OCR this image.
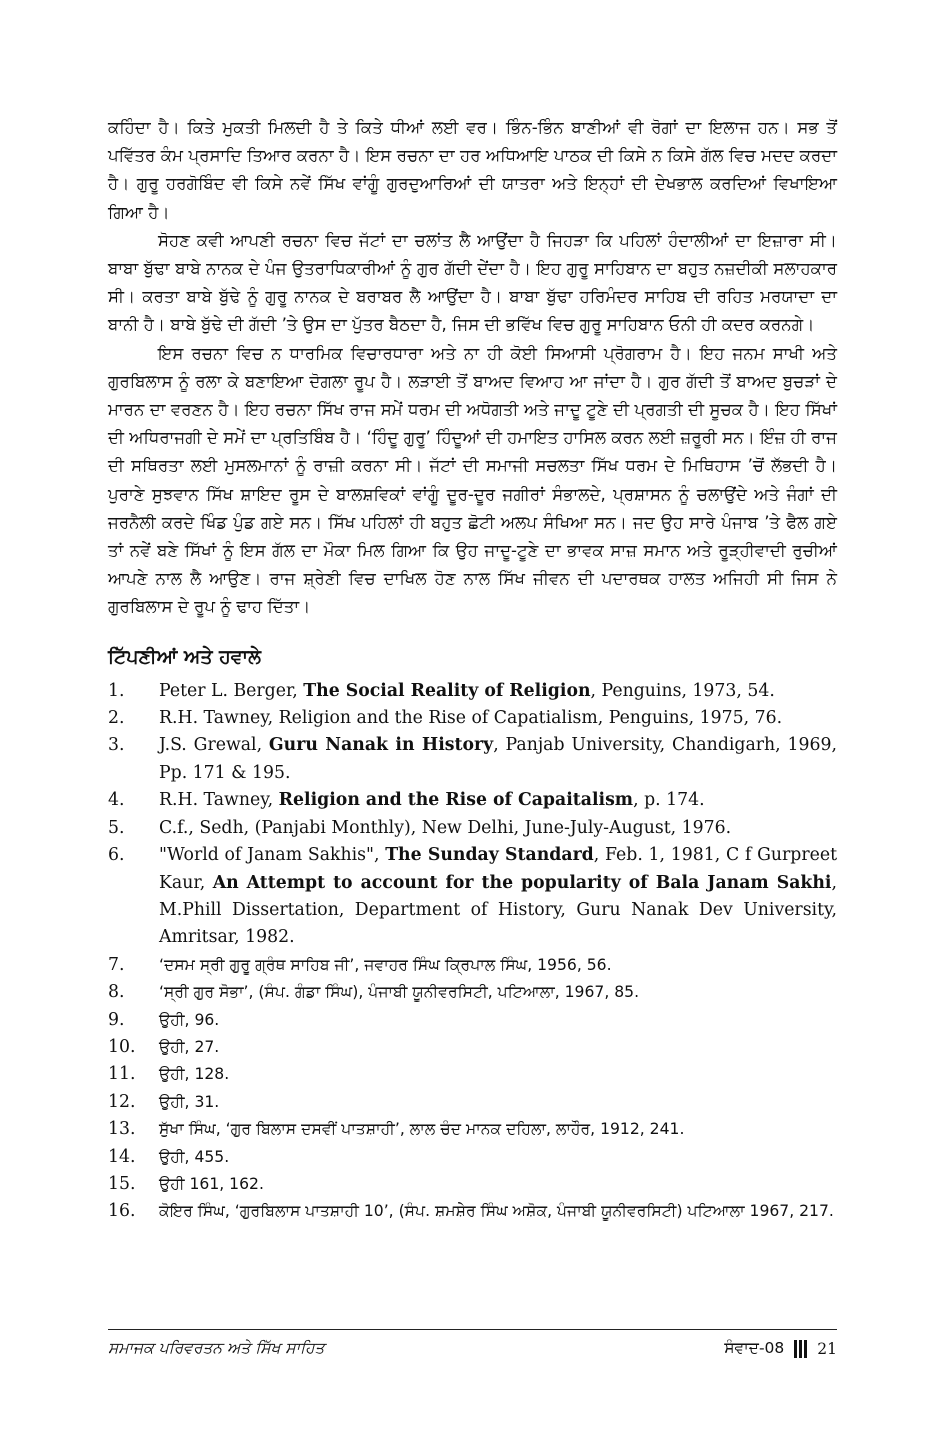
ਕਹਿੰਦਾ ਹੈ। ਕਿਤੇ ਮੁਕਤੀ ਮਿਲਦੀ ਹੈ ਤੇ ਕਿਤੇ ਧੀਆਂ ਲਈ ਵਰ। ਭਿੰਨ-ਭਿੰਨ ਬਾਣੀਆਂ ਵੀ ਰੋਗਾਂ ਦਾ ਇਲਾਜ ਹਨ। ਸਭ ਤੋਂ ਪਵਿੱਤਰ ਕੰਮ ਪ੍ਰਸਾਦਿ ਤਿਆਰ ਕਰਨਾ ਹੈ। ਇਸ ਰਚਨਾ ਦਾ ਹਰ ਅਧਿਆਇ ਪਾਠਕ ਦੀ ਕਿਸੇ ਨ ਕਿਸੇ ਗੱਲ ਵਿਚ ਮਦਦ ਕਰਦਾ ਹੈ। ਗੁਰੂ ਹਰਗੋਬਿੰਦ ਵੀ ਕਿਸੇ ਨਵੇਂ ਸਿੱਖ ਵਾਂਗੂੰ ਗੁਰਦੁਆਰਿਆਂ ਦੀ ਯਾਤਰਾ ਅਤੇ ਇਨ੍ਹਾਂ ਦੀ ਦੇਖਭਾਲ ਕਰਦਿਆਂ ਵਿਖਾਇਆ ਗਿਆ ਹੈ।

ਸੋਹਣ ਕਵੀ ਆਪਣੀ ਰਚਨਾ ਵਿਚ ਜੱਟਾਂ ਦਾ ਚਲਾਂਤ ਲੈ ਆਉਂਦਾ ਹੈ ਜਿਹੜਾ ਕਿ ਪਹਿਲਾਂ ਹੰਦਾਲੀਆਂ ਦਾ ਇਜ਼ਾਰਾ ਸੀ। ਬਾਬਾ ਬੁੱਢਾ ਬਾਬੇ ਨਾਨਕ ਦੇ ਪੰਜ ਉਤਰਾਧਿਕਾਰੀਆਂ ਨੂੰ ਗੁਰ ਗੱਦੀ ਦੇਂਦਾ ਹੈ। ਇਹ ਗੁਰੂ ਸਾਹਿਬਾਨ ਦਾ ਬਹੁਤ ਨਜ਼ਦੀਕੀ ਸਲਾਹਕਾਰ ਸੀ। ਕਰਤਾ ਬਾਬੇ ਬੁੱਢੇ ਨੂੰ ਗੁਰੂ ਨਾਨਕ ਦੇ ਬਰਾਬਰ ਲੈ ਆਉਂਦਾ ਹੈ। ਬਾਬਾ ਬੁੱਢਾ ਹਰਿਮੰਦਰ ਸਾਹਿਬ ਦੀ ਰਹਿਤ ਮਰਯਾਦਾ ਦਾ ਬਾਨੀ ਹੈ। ਬਾਬੇ ਬੁੱਢੇ ਦੀ ਗੱਦੀ ’ਤੇ ਉਸ ਦਾ ਪੁੱਤਰ ਬੈਠਦਾ ਹੈ, ਜਿਸ ਦੀ ਭਵਿੱਖ ਵਿਚ ਗੁਰੂ ਸਾਹਿਬਾਨ ਓਨੀ ਹੀ ਕਦਰ ਕਰਨਗੇ।

ਇਸ ਰਚਨਾ ਵਿਚ ਨ ਧਾਰਮਿਕ ਵਿਚਾਰਧਾਰਾ ਅਤੇ ਨਾ ਹੀ ਕੋਈ ਸਿਆਸੀ ਪ੍ਰੋਗਰਾਮ ਹੈ। ਇਹ ਜਨਮ ਸਾਖੀ ਅਤੇ ਗੁਰਬਿਲਾਸ ਨੂੰ ਰਲਾ ਕੇ ਬਣਾਇਆ ਦੋਗਲਾ ਰੂਪ ਹੈ। ਲੜਾਈ ਤੋਂ ਬਾਅਦ ਵਿਆਹ ਆ ਜਾਂਦਾ ਹੈ। ਗੁਰ ਗੱਦੀ ਤੋਂ ਬਾਅਦ ਬੁਚੜਾਂ ਦੇ ਮਾਰਨ ਦਾ ਵਰਣਨ ਹੈ। ਇਹ ਰਚਨਾ ਸਿੱਖ ਰਾਜ ਸਮੇਂ ਧਰਮ ਦੀ ਅਧੋਗਤੀ ਅਤੇ ਜਾਦੂ ਟੂਣੇ ਦੀ ਪ੍ਰਗਤੀ ਦੀ ਸੂਚਕ ਹੈ। ਇਹ ਸਿੱਖਾਂ ਦੀ ਅਧਿਰਾਜਗੀ ਦੇ ਸਮੇਂ ਦਾ ਪ੍ਰਤਿਬਿੰਬ ਹੈ। ‘ਹਿੰਦੂ ਗੁਰੂ’ ਹਿੰਦੂਆਂ ਦੀ ਹਮਾਇਤ ਹਾਸਿਲ ਕਰਨ ਲਈ ਜ਼ਰੂਰੀ ਸਨ। ਇੰਜ਼ ਹੀ ਰਾਜ ਦੀ ਸਥਿਰਤਾ ਲਈ ਮੁਸਲਮਾਨਾਂ ਨੂੰ ਰਾਜ਼ੀ ਕਰਨਾ ਸੀ। ਜੱਟਾਂ ਦੀ ਸਮਾਜੀ ਸਚਲਤਾ ਸਿੱਖ ਧਰਮ ਦੇ ਮਿਥਿਹਾਸ ’ਚੋਂ ਲੱਭਦੀ ਹੈ। ਪੁਰਾਣੇ ਸੁਝਵਾਨ ਸਿੱਖ ਸ਼ਾਇਦ ਰੂਸ ਦੇ ਬਾਲਸ਼ਵਿਕਾਂ ਵਾਂਗੂੰ ਦੂਰ-ਦੂਰ ਜਗੀਰਾਂ ਸੰਭਾਲਦੇ, ਪ੍ਰਸ਼ਾਸਨ ਨੂੰ ਚਲਾਉਂਦੇ ਅਤੇ ਜੰਗਾਂ ਦੀ ਜਰਨੈਲੀ ਕਰਦੇ ਖਿੰਡ ਪੁੰਡ ਗਏ ਸਨ। ਸਿੱਖ ਪਹਿਲਾਂ ਹੀ ਬਹੁਤ ਛੋਟੀ ਅਲਪ ਸੰਖਿਆ ਸਨ। ਜਦ ਉਹ ਸਾਰੇ ਪੰਜਾਬ ’ਤੇ ਫੈਲ ਗਏ ਤਾਂ ਨਵੇਂ ਬਣੇ ਸਿੱਖਾਂ ਨੂੰ ਇਸ ਗੱਲ ਦਾ ਮੌਕਾ ਮਿਲ ਗਿਆ ਕਿ ਉਹ ਜਾਦੂ-ਟੂਣੇ ਦਾ ਭਾਵਕ ਸਾਜ਼ ਸਮਾਨ ਅਤੇ ਰੂੜ੍ਹੀਵਾਦੀ ਰੁਚੀਆਂ ਆਪਣੇ ਨਾਲ ਲੈ ਆਉਣ। ਰਾਜ ਸ਼੍ਰੇਣੀ ਵਿਚ ਦਾਖਿਲ ਹੋਣ ਨਾਲ ਸਿੱਖ ਜੀਵਨ ਦੀ ਪਦਾਰਥਕ ਹਾਲਤ ਅਜਿਹੀ ਸੀ ਜਿਸ ਨੇ ਗੁਰਬਿਲਾਸ ਦੇ ਰੂਪ ਨੂੰ ਢਾਹ ਦਿੱਤਾ।

ਟਿੱਪਣੀਆਂ ਅਤੇ ਹਵਾਲੇ
1.	Peter L. Berger, The Social Reality of Religion, Penguins, 1973, 54.
2.	R.H. Tawney, Religion and the Rise of Capatialism, Penguins, 1975, 76.
3.	J.S. Grewal, Guru Nanak in History, Panjab University, Chandigarh, 1969, Pp. 171 & 195.
4.	R.H. Tawney, Religion and the Rise of Capaitalism, p. 174.
5.	C.f., Sedh, (Panjabi Monthly), New Delhi, June-July-August, 1976.
6.	"World of Janam Sakhis", The Sunday Standard, Feb. 1, 1981, C f Gurpreet Kaur, An Attempt to account for the popularity of Bala Janam Sakhi, M.Phill Dissertation, Department of History, Guru Nanak Dev University, Amritsar, 1982.
7.	‘ਦਸਮ ਸ੍ਰੀ ਗੁਰੂ ਗ੍ਰੰਥ ਸਾਹਿਬ ਜੀ’, ਜਵਾਹਰ ਸਿੰਘ ਕ੍ਰਿਪਾਲ ਸਿੰਘ, 1956, 56.
8.	‘ਸ੍ਰੀ ਗੁਰ ਸੋਭਾ’, (ਸੰਪ. ਗੰਡਾ ਸਿੰਘ), ਪੰਜਾਬੀ ਯੂਨੀਵਰਸਿਟੀ, ਪਟਿਆਲਾ, 1967, 85.
9.	ਉਹੀ, 96.
10.	ਉਹੀ, 27.
11.	ਉਹੀ, 128.
12.	ਉਹੀ, 31.
13.	ਸੁੱਖਾ ਸਿੰਘ, ‘ਗੁਰ ਬਿਲਾਸ ਦਸਵੀਂ ਪਾਤਸ਼ਾਹੀ’, ਲਾਲ ਚੰਦ ਮਾਨਕ ਦਹਿਲਾ, ਲਾਹੌਰ, 1912, 241.
14.	ਉਹੀ, 455.
15.	ਉਹੀ 161, 162.
16.	ਕੋਇਰ ਸਿੰਘ, ‘ਗੁਰਬਿਲਾਸ ਪਾਤਸ਼ਾਹੀ 10’, (ਸੰਪ. ਸ਼ਮਸ਼ੇਰ ਸਿੰਘ ਅਸ਼ੋਕ, ਪੰਜਾਬੀ ਯੂਨੀਵਰਸਿਟੀ) ਪਟਿਆਲਾ 1967, 217.
ਸਮਾਜਕ ਪਰਿਵਰਤਨ ਅਤੇ ਸਿੱਖ ਸਾਹਿਤ	ਸੰਵਾਦ-08 21
